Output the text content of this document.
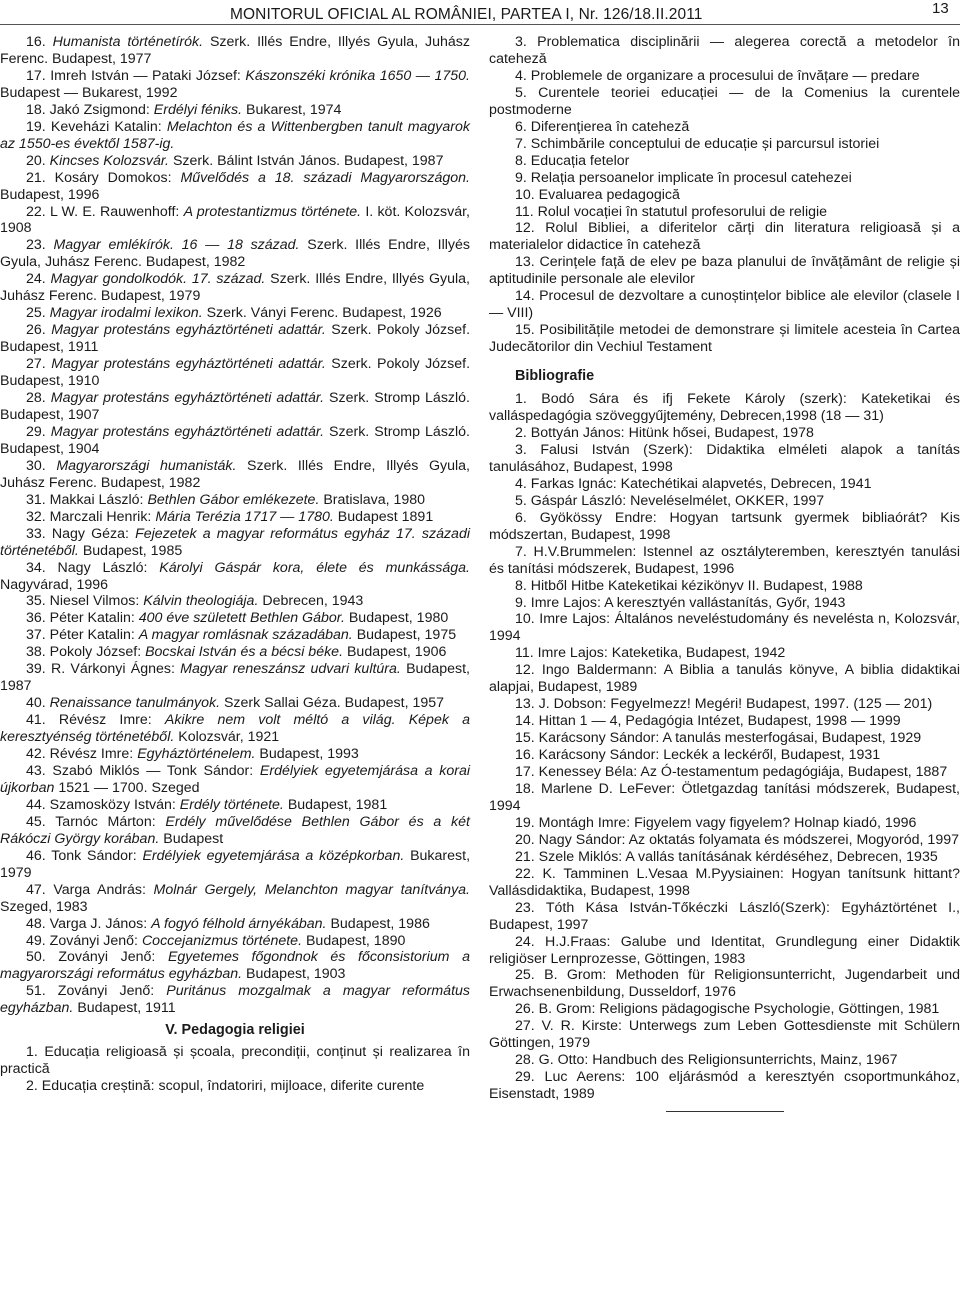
MONITORUL OFICIAL AL ROMÂNIEI, PARTEA I, Nr. 126/18.II.2011	13

16. Humanista történetírók. Szerk. Illés Endre, Illyés Gyula, Juhász Ferenc. Budapest, 1977

17. Imreh István — Pataki József: Kászonszéki krónika 1650 — 1750. Budapest — Bukarest, 1992

18. Jakó Zsigmond: Erdélyi féniks. Bukarest, 1974

19. Keveházi Katalin: Melachton és a Wittenbergben tanult magyarok az 1550-es évektől 1587-ig.

20. Kincses Kolozsvár. Szerk. Bálint István János. Budapest, 1987

21. Kosáry Domokos: Művelődés a 18. századi Magyarországon. Budapest, 1996

22. L W. E. Rauwenhoff: A protestantizmus története. I. köt. Kolozsvár, 1908

23. Magyar emlékírók. 16 — 18 század. Szerk. Illés Endre, Illyés Gyula, Juhász Ferenc. Budapest, 1982

24. Magyar gondolkodók. 17. század. Szerk. Illés Endre, Illyés Gyula, Juhász Ferenc. Budapest, 1979

25. Magyar irodalmi lexikon. Szerk. Ványi Ferenc. Budapest, 1926

26. Magyar protestáns egyháztörténeti adattár. Szerk. Pokoly József. Budapest, 1911

27. Magyar protestáns egyháztörténeti adattár. Szerk. Pokoly József. Budapest, 1910

28. Magyar protestáns egyháztörténeti adattár. Szerk. Stromp László. Budapest, 1907

29. Magyar protestáns egyháztörténeti adattár. Szerk. Stromp László. Budapest, 1904

30. Magyarországi humanisták. Szerk. Illés Endre, Illyés Gyula, Juhász Ferenc. Budapest, 1982

31. Makkai László: Bethlen Gábor emlékezete. Bratislava, 1980

32. Marczali Henrik: Mária Terézia 1717 — 1780. Budapest 1891

33. Nagy Géza: Fejezetek a magyar református egyház 17. századi történetéből. Budapest, 1985

34. Nagy László: Károlyi Gáspár kora, élete és munkássága. Nagyvárad, 1996

35. Niesel Vilmos: Kálvin theologiája. Debrecen, 1943

36. Péter Katalin: 400 éve született Bethlen Gábor. Budapest, 1980

37. Péter Katalin: A magyar romlásnak századában. Budapest, 1975

38. Pokoly József: Bocskai István és a bécsi béke. Budapest, 1906

39. R. Várkonyi Ágnes: Magyar reneszánsz udvari kultúra. Budapest, 1987

40. Renaissance tanulmányok. Szerk Sallai Géza. Budapest, 1957

41. Révész Imre: Akikre nem volt méltó a világ. Képek a keresztyénség történetéből. Kolozsvár, 1921

42. Révész Imre: Egyháztörténelem. Budapest, 1993

43. Szabó Miklós — Tonk Sándor: Erdélyiek egyetemjárása a korai újkorban 1521 — 1700. Szeged

44. Szamosközy István: Erdély története. Budapest, 1981

45. Tarnóc Márton: Erdély művelődése Bethlen Gábor és a két Rákóczi György korában. Budapest

46. Tonk Sándor: Erdélyiek egyetemjárása a középkorban. Bukarest, 1979

47. Varga András: Molnár Gergely, Melanchton magyar tanítványa. Szeged, 1983

48. Varga J. János: A fogyó félhold árnyékában. Budapest, 1986

49. Zoványi Jenő: Coccejanizmus története. Budapest, 1890

50. Zoványi Jenő: Egyetemes főgondnok és főconsistorium a magyarországi református egyházban. Budapest, 1903

51. Zoványi Jenő: Puritánus mozgalmak a magyar református egyházban. Budapest, 1911

V. Pedagogia religiei

1. Educația religioasă și școala, precondiții, conținut și realizarea în practică

2. Educația creștină: scopul, îndatoriri, mijloace, diferite curente

3. Problematica disciplinării — alegerea corectă a metodelor în cateheză

4. Problemele de organizare a procesului de învățare — predare

5. Curentele teoriei educației — de la Comenius la curentele postmoderne

6. Diferențierea în cateheză

7. Schimbările conceptului de educație și parcursul istoriei

8. Educația fetelor

9. Relația persoanelor implicate în procesul catehezei

10. Evaluarea pedagogică

11. Rolul vocației în statutul profesorului de religie

12. Rolul Bibliei, a diferitelor cărți din literatura religioasă și a materialelor didactice în cateheză

13. Cerințele față de elev pe baza planului de învățământ de religie și aptitudinile personale ale elevilor

14. Procesul de dezvoltare a cunoștințelor biblice ale elevilor (clasele I — VIII)

15. Posibilitățile metodei de demonstrare și limitele acesteia în Cartea Judecătorilor din Vechiul Testament

Bibliografie

1. Bodó Sára és ifj Fekete Károly (szerk): Kateketikai és valláspedagógia szöveggyűjtemény, Debrecen,1998 (18 — 31)

2. Bottyán János: Hitünk hősei, Budapest, 1978

3. Falusi István (Szerk): Didaktika elméleti alapok a tanítás tanulásához, Budapest, 1998

4. Farkas Ignác: Katechétikai alapvetés, Debrecen, 1941

5. Gáspár László: Neveléselmélet, OKKER, 1997

6. Gyökössy Endre: Hogyan tartsunk gyermek bibliaórát? Kis módszertan, Budapest, 1998

7. H.V.Brummelen: Istennel az osztályteremben, keresztyén tanulási és tanítási módszerek, Budapest, 1996

8. Hitből Hitbe Kateketikai kézikönyv II. Budapest, 1988

9. Imre Lajos: A keresztyén vallástanítás, Győr, 1943

10. Imre Lajos: Általános neveléstudomány és nevelésta n, Kolozsvár, 1994

11. Imre Lajos: Kateketika, Budapest, 1942

12. Ingo Baldermann: A Biblia a tanulás könyve, A biblia didaktikai alapjai, Budapest, 1989

13. J. Dobson: Fegyelmezz! Megéri! Budapest, 1997. (125 — 201)

14. Hittan 1 — 4, Pedagógia Intézet, Budapest, 1998 — 1999

15. Karácsony Sándor: A tanulás mesterfogásai, Budapest, 1929

16. Karácsony Sándor: Leckék a leckéről, Budapest, 1931

17. Kenessey Béla: Az Ó-testamentum pedagógiája, Budapest, 1887

18. Marlene D. LeFever: Ötletgazdag tanítási módszerek, Budapest, 1994

19. Montágh Imre: Figyelem vagy figyelem? Holnap kiadó, 1996

20. Nagy Sándor: Az oktatás folyamata és módszerei, Mogyoród, 1997

21. Szele Miklós: A vallás tanításának kérdéséhez, Debrecen, 1935

22. K. Tamminen L.Vesaa M.Pyysiainen: Hogyan tanítsunk hittant? Vallásdidaktika, Budapest, 1998

23. Tóth Kása István-Tőkéczki László(Szerk): Egyháztörténet I., Budapest, 1997

24. H.J.Fraas: Galube und Identitat, Grundlegung einer Didaktik religiöser Lernprozesse, Göttingen, 1983

25. B. Grom: Methoden für Religionsunterricht, Jugendarbeit und Erwachsenenbildung, Dusseldorf, 1976

26. B. Grom: Religions pädagogische Psychologie, Göttingen, 1981

27. V. R. Kirste: Unterwegs zum Leben Gottesdienste mit Schülern Göttingen, 1979

28. G. Otto: Handbuch des Religionsunterrichts, Mainz, 1967

29. Luc Aerens: 100 eljárásmód a keresztyén csoportmunkához, Eisenstadt, 1989
